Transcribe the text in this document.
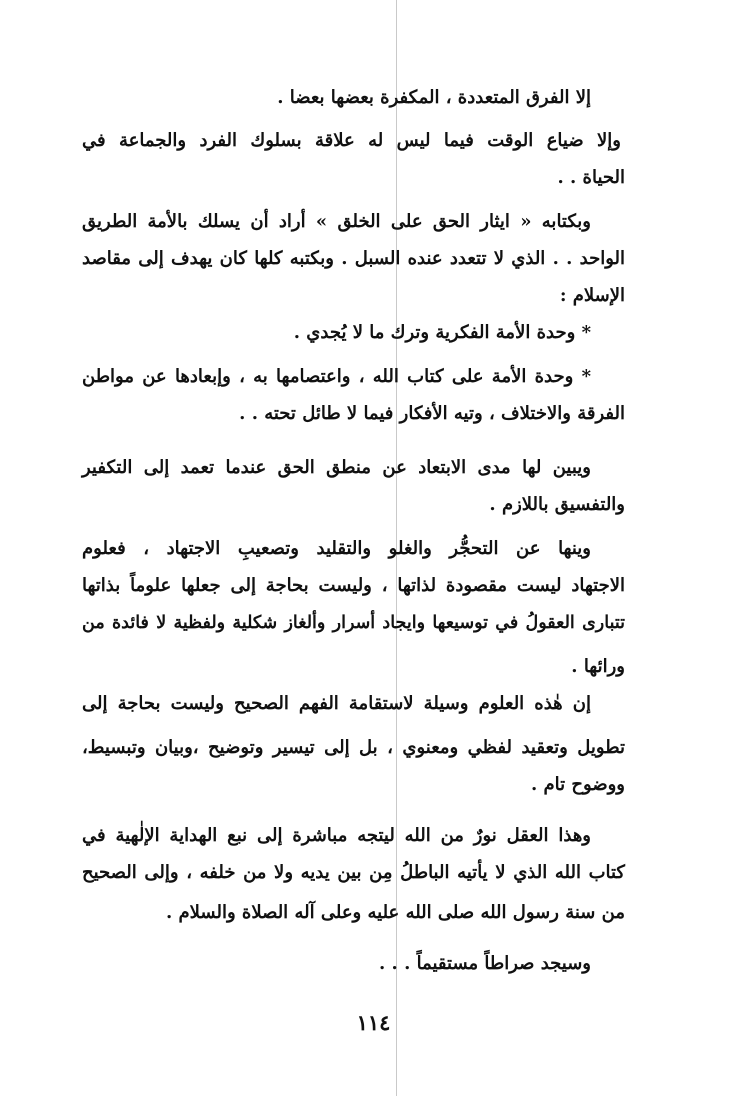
إلا الفرق المتعددة ، المكفرة بعضها بعضا .
وإلا ضياع الوقت فيما ليس له علاقة بسلوك الفرد والجماعة في
الحياة . .
وبكتابه « ايثار الحق على الخلق » أراد أن يسلك بالأمة الطريق
الواحد . . الذي لا تتعدد عنده السبل . وبكتبه كلها كان يهدف إلى مقاصد
الإسلام :
* وحدة الأمة الفكرية وترك ما لا يُجدي .
* وحدة الأمة على كتاب الله ، واعتصامها به ، وإبعادها عن مواطن
الفرقة والاختلاف ، وتيه الأفكار فيما لا طائل تحته . .
ويبين لها مدى الابتعاد عن منطق الحق عندما تعمد إلى التكفير
والتفسيق باللازم .
وينها عن التحجُّر والغلو والتقليد وتصعيبِ الاجتهاد ، فعلوم
الاجتهاد ليست مقصودة لذاتها ، وليست بحاجة إلى جعلها علوماً بذاتها
تتبارى العقولُ في توسيعها وايجاد أسرار وألغاز شكلية ولفظية لا فائدة من
ورائها .
إن هٰذه العلوم وسيلة لاستقامة الفهم الصحيح وليست بحاجة إلى
تطويل وتعقيد لفظي ومعنوي ، بل إلى تيسير وتوضيح ،وبيان وتبسيط،
ووضوح تام .
وهذا العقل نورٌ من الله ليتجه مباشرة إلى نبع الهداية الإلٰهية في
كتاب الله الذي لا يأتيه الباطلُ مِن بين يديه ولا من خلفه ، وإلى الصحيح
من سنة رسول الله صلى الله عليه وعلى آله الصلاة والسلام .
وسيجد صراطاً مستقيماً . . .
١١٤
